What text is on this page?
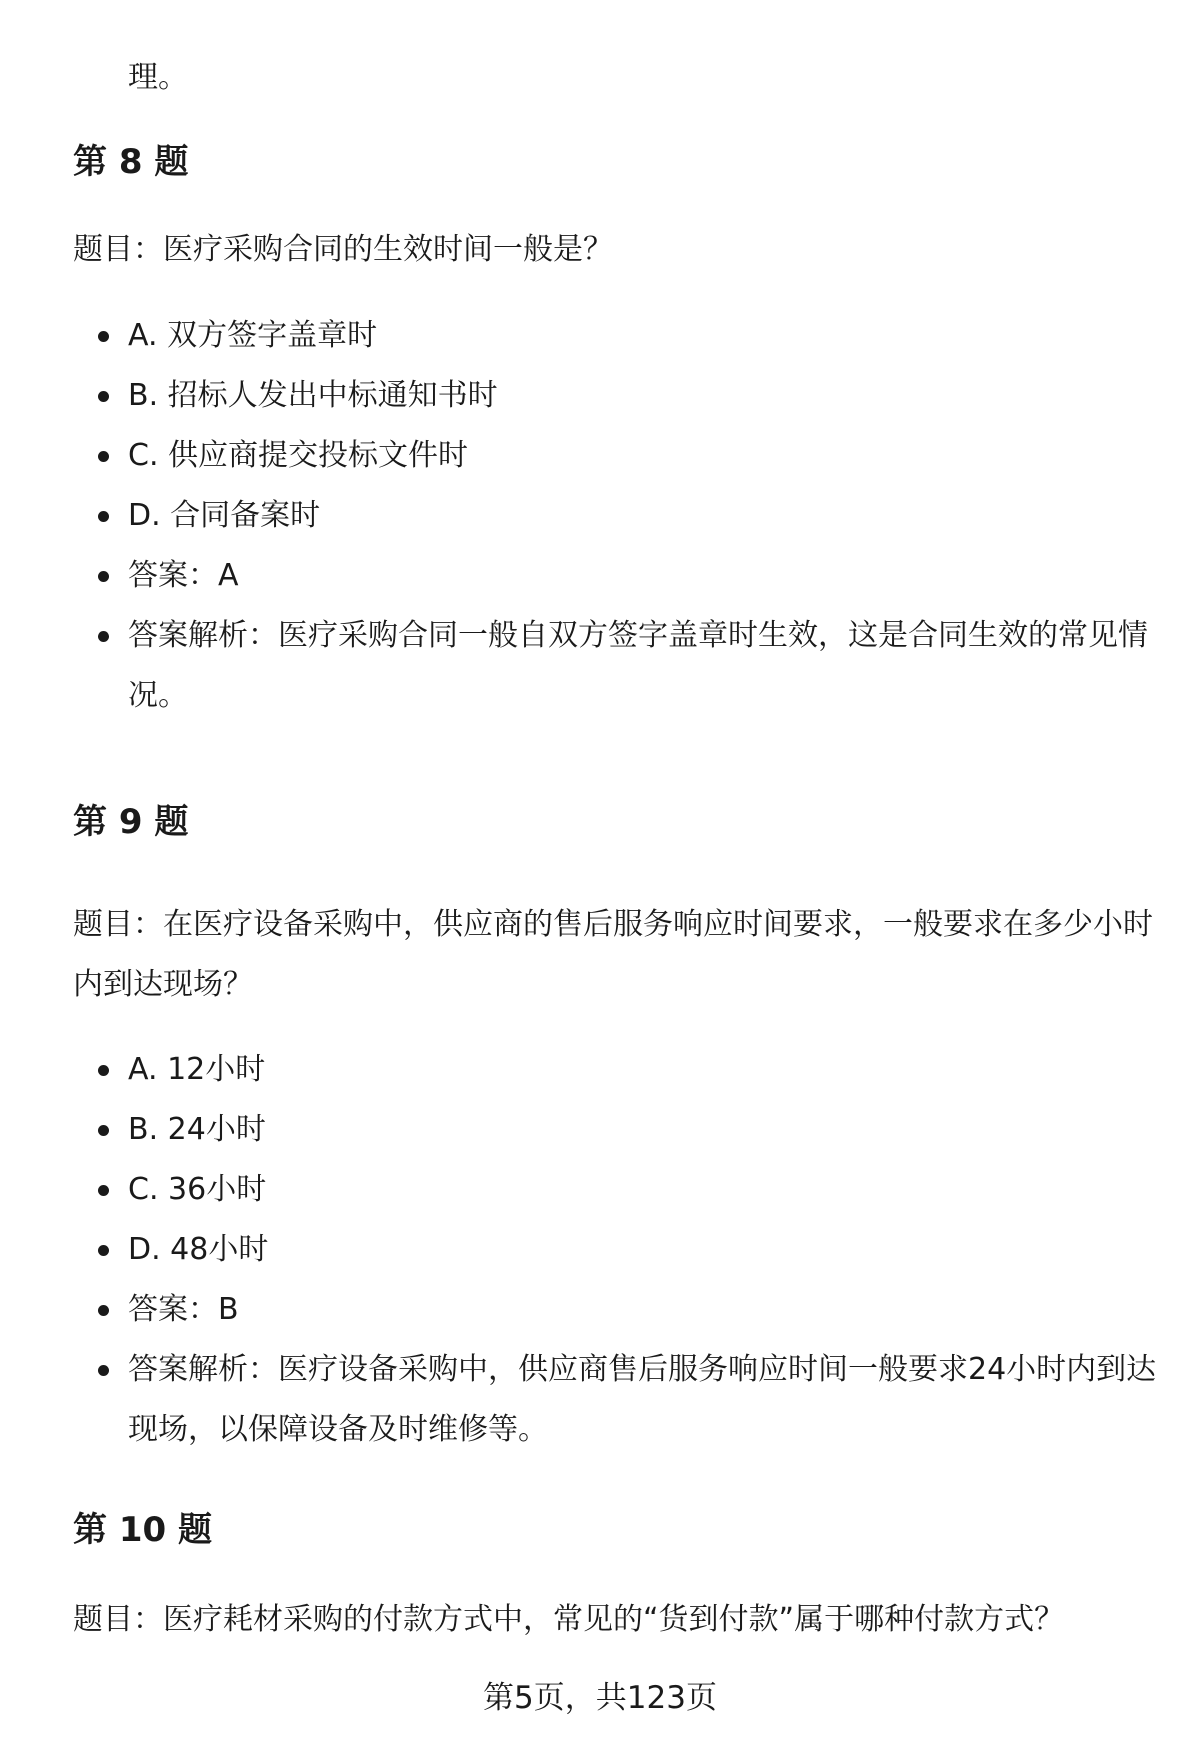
理。
第 8 题

题目：医疗采购合同的生效时间一般是？

A. 双方签字盖章时
B. 招标人发出中标通知书时
C. 供应商提交投标文件时
D. 合同备案时
答案：A
答案解析：医疗采购合同一般自双方签字盖章时生效，这是合同生效的常见情况。
第 9 题

题目：在医疗设备采购中，供应商的售后服务响应时间要求，一般要求在多少小时内到达现场？

A. 12小时
B. 24小时
C. 36小时
D. 48小时
答案：B
答案解析：医疗设备采购中，供应商售后服务响应时间一般要求24小时内到达现场，以保障设备及时维修等。
第 10 题

题目：医疗耗材采购的付款方式中，常见的“货到付款”属于哪种付款方式？

第5页，共123页
